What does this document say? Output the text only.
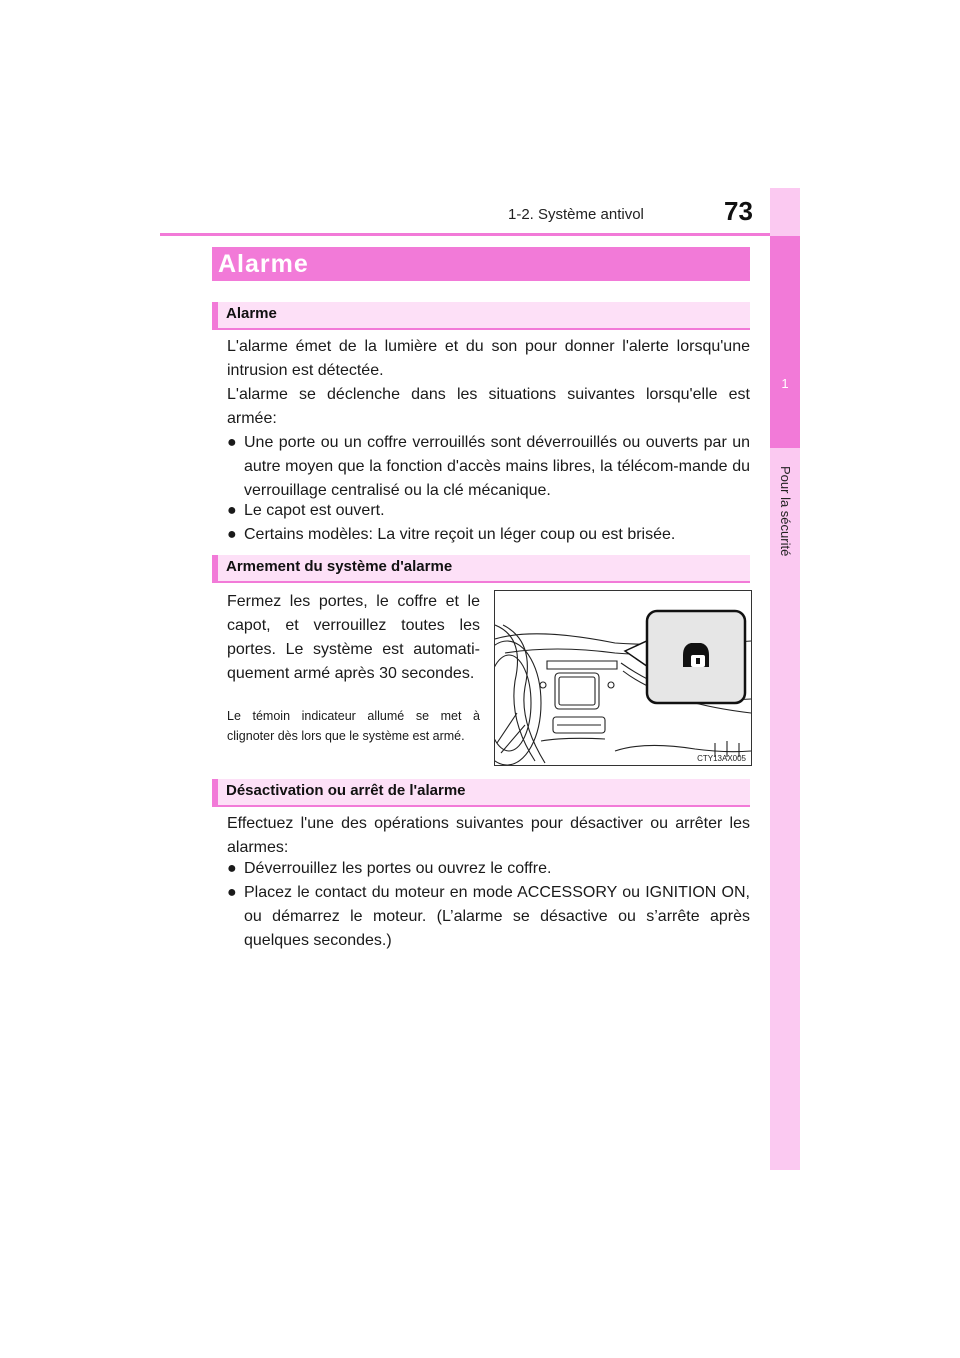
1-2. Système antivol	73
1
Pour la sécurité
Alarme
Alarme
L'alarme émet de la lumière et du son pour donner l'alerte lorsqu'une intrusion est détectée.
L'alarme se déclenche dans les situations suivantes lorsqu'elle est armée:
● Une porte ou un coffre verrouillés sont déverrouillés ou ouverts par un autre moyen que la fonction d'accès mains libres, la télécom-mande du verrouillage centralisé ou la clé mécanique.
● Le capot est ouvert.
● Certains modèles: La vitre reçoit un léger coup ou est brisée.
Armement du système d'alarme
Fermez les portes, le coffre et le capot, et verrouillez toutes les portes. Le système est automati-quement armé après 30 secondes.
Le témoin indicateur allumé se met à clignoter dès lors que le système est armé.
CTY13AX005
Désactivation ou arrêt de l'alarme
Effectuez l'une des opérations suivantes pour désactiver ou arrêter les alarmes:
● Déverrouillez les portes ou ouvrez le coffre.
● Placez le contact du moteur en mode ACCESSORY ou IGNITION ON, ou démarrez le moteur. (L’alarme se désactive ou s’arrête après quelques secondes.)
